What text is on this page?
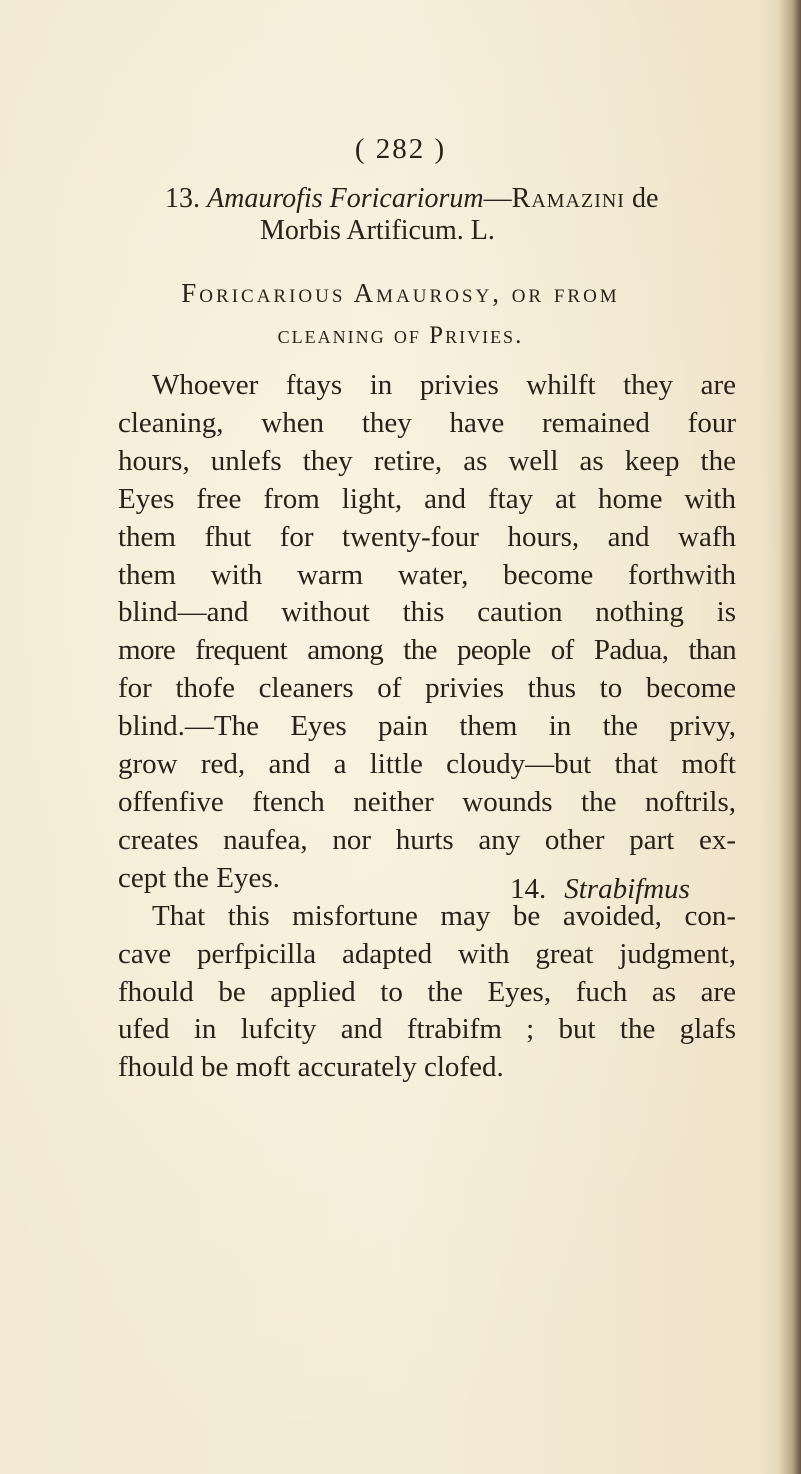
( 282 )
13. Amaurofis Foricariorum—Ramazini de
Morbis Artificum. L.
Foricarious Amaurosy, or from
cleaning of Privies.
Whoever ftays in privies whilft they are
cleaning, when they have remained four
hours, unlefs they retire, as well as keep the
Eyes free from light, and ftay at home with
them fhut for twenty-four hours, and wafh
them with warm water, become forthwith
blind—and without this caution nothing is
more frequent among the people of Padua, than
for thofe cleaners of privies thus to become
blind.—The Eyes pain them in the privy,
grow red, and a little cloudy—but that moft
offenfive ftench neither wounds the noftrils,
creates naufea, nor hurts any other part ex-
cept the Eyes.
That this misfortune may be avoided, con-
cave perfpicilla adapted with great judgment,
fhould be applied to the Eyes, fuch as are
ufed in lufcity and ftrabifm ; but the glafs
fhould be moft accurately clofed.
14. Strabifmus
